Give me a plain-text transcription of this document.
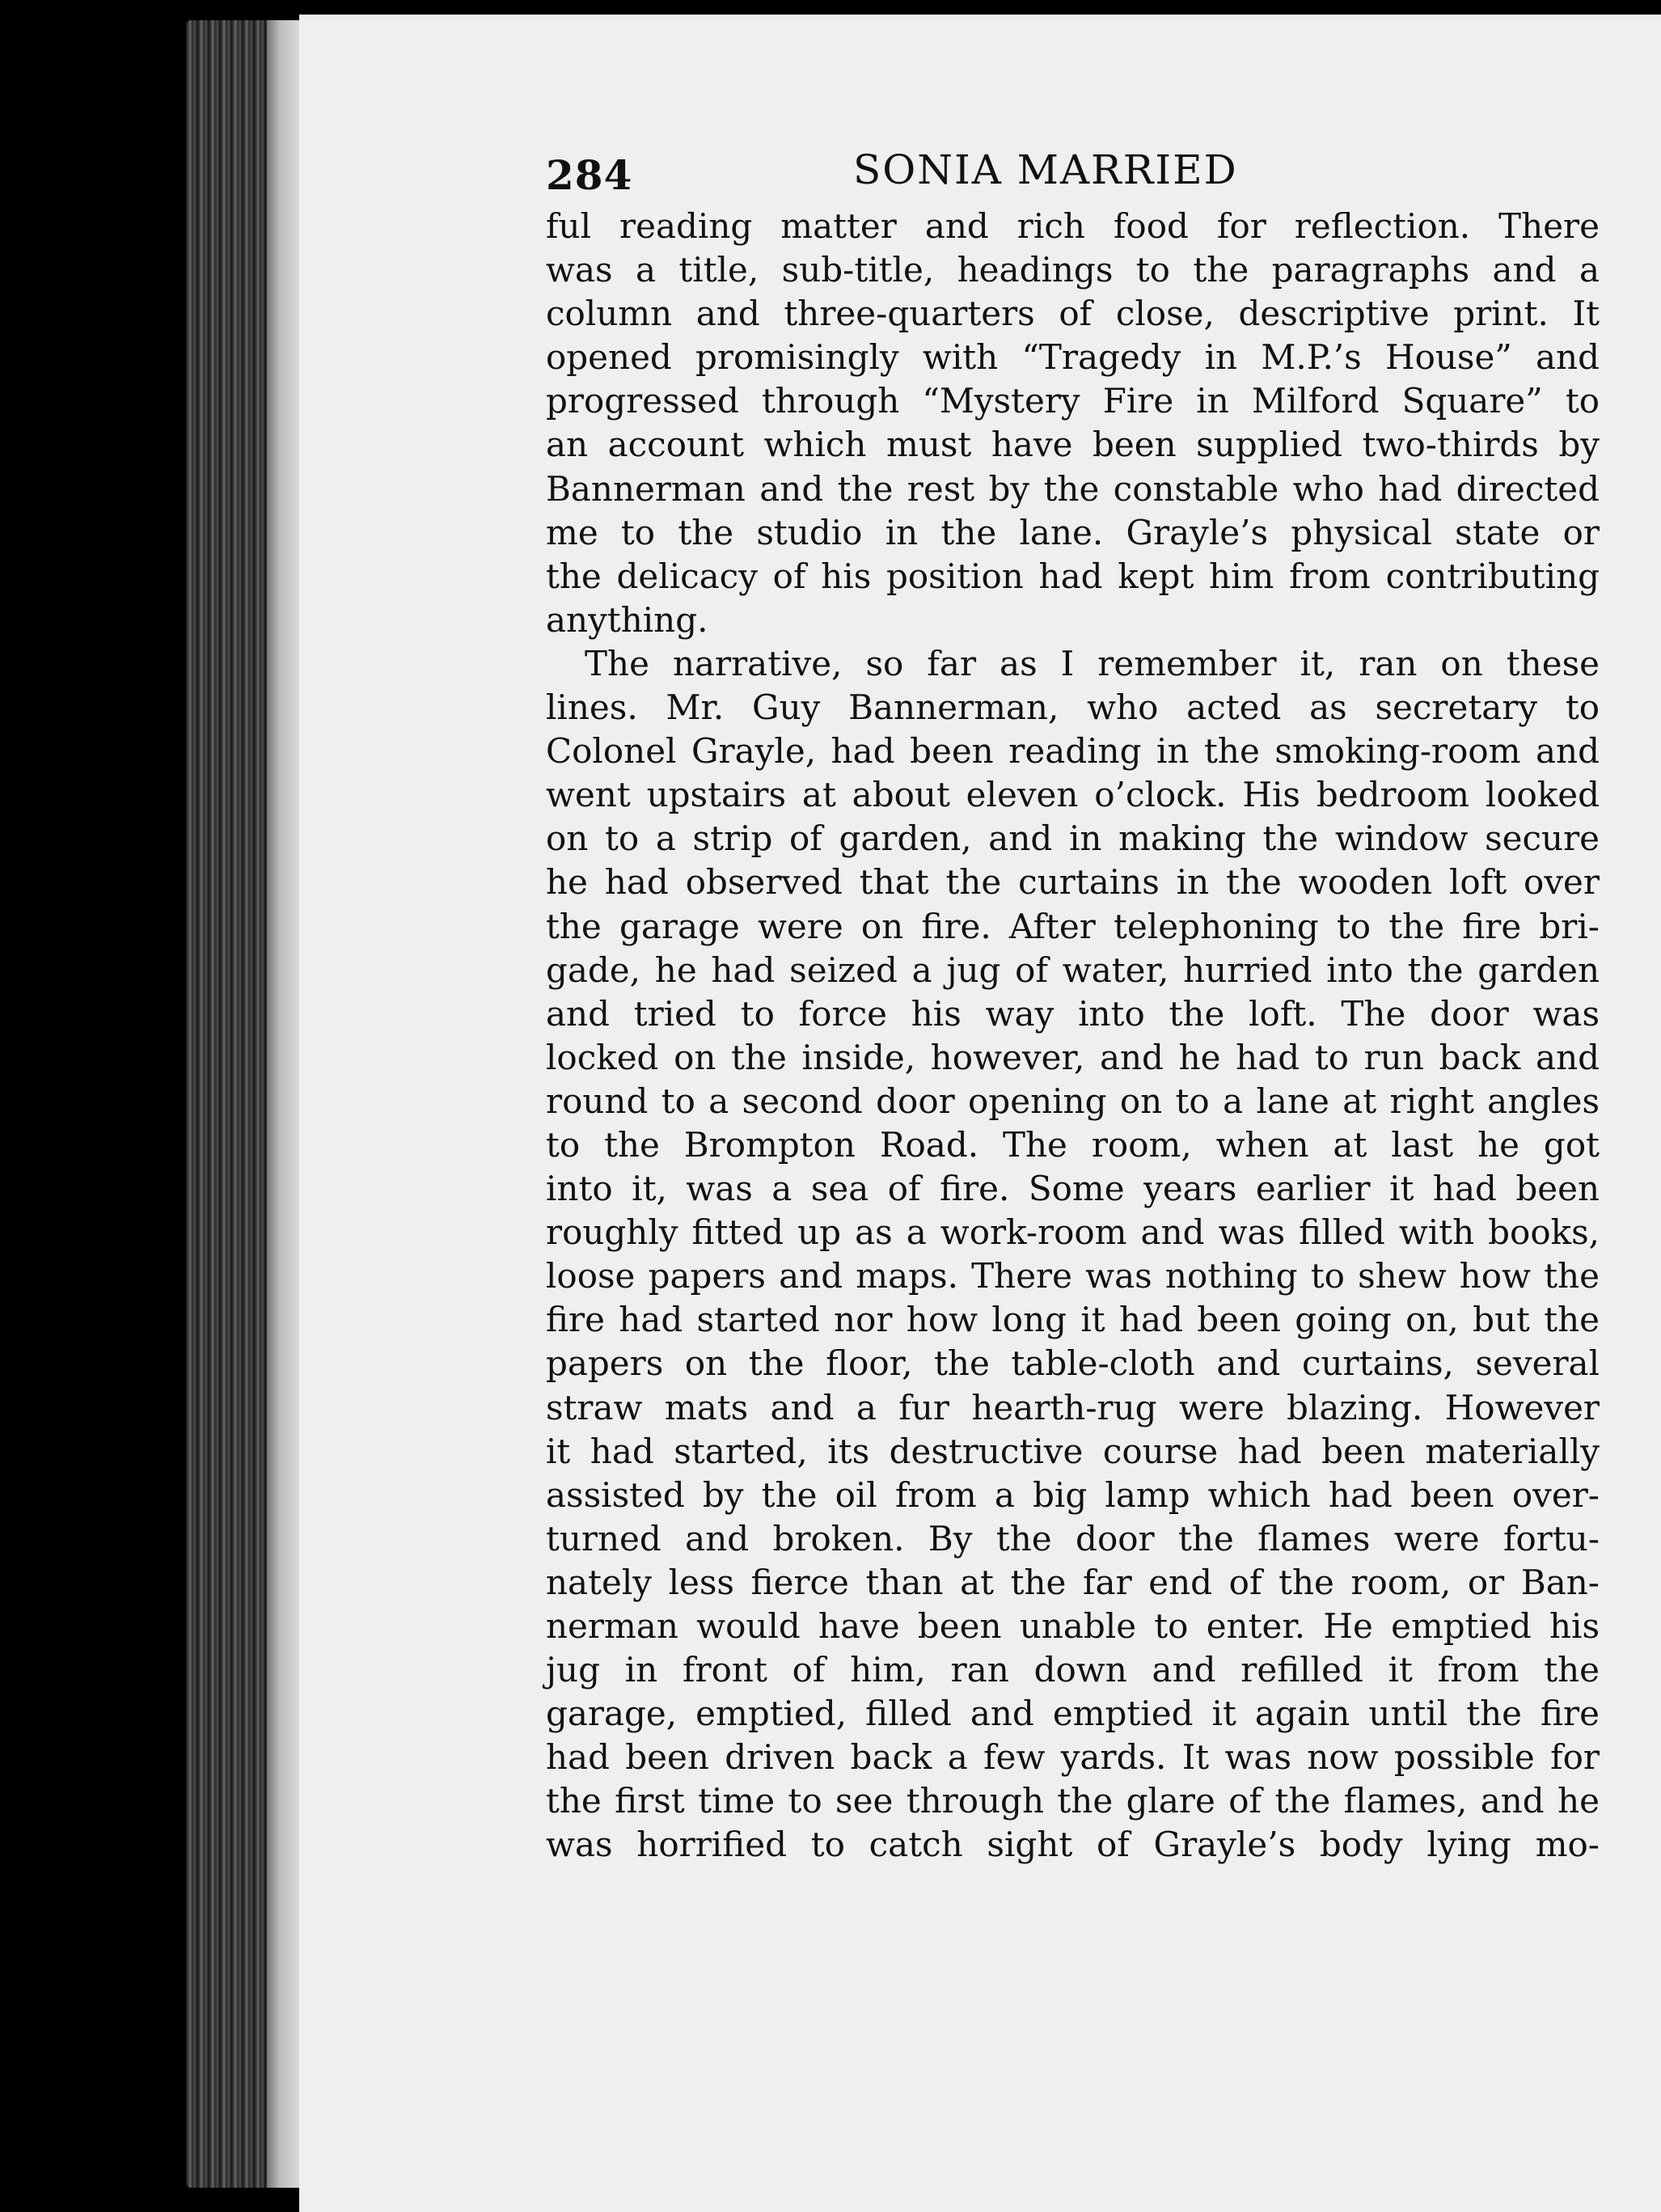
284	SONIA MARRIED
ful reading matter and rich food for reflection. There
was a title, sub-title, headings to the paragraphs and a
column and three-quarters of close, descriptive print. It
opened promisingly with “Tragedy in M.P.’s House” and
progressed through “Mystery Fire in Milford Square” to
an account which must have been supplied two-thirds by
Bannerman and the rest by the constable who had directed
me to the studio in the lane. Grayle’s physical state or
the delicacy of his position had kept him from contributing
anything.
The narrative, so far as I remember it, ran on these
lines. Mr. Guy Bannerman, who acted as secretary to
Colonel Grayle, had been reading in the smoking-room and
went upstairs at about eleven o’clock. His bedroom looked
on to a strip of garden, and in making the window secure
he had observed that the curtains in the wooden loft over
the garage were on fire. After telephoning to the fire bri-
gade, he had seized a jug of water, hurried into the garden
and tried to force his way into the loft. The door was
locked on the inside, however, and he had to run back and
round to a second door opening on to a lane at right angles
to the Brompton Road. The room, when at last he got
into it, was a sea of fire. Some years earlier it had been
roughly fitted up as a work-room and was filled with books,
loose papers and maps. There was nothing to shew how the
fire had started nor how long it had been going on, but the
papers on the floor, the table-cloth and curtains, several
straw mats and a fur hearth-rug were blazing. However
it had started, its destructive course had been materially
assisted by the oil from a big lamp which had been over-
turned and broken. By the door the flames were fortu-
nately less fierce than at the far end of the room, or Ban-
nerman would have been unable to enter. He emptied his
jug in front of him, ran down and refilled it from the
garage, emptied, filled and emptied it again until the fire
had been driven back a few yards. It was now possible for
the first time to see through the glare of the flames, and he
was horrified to catch sight of Grayle’s body lying mo-
